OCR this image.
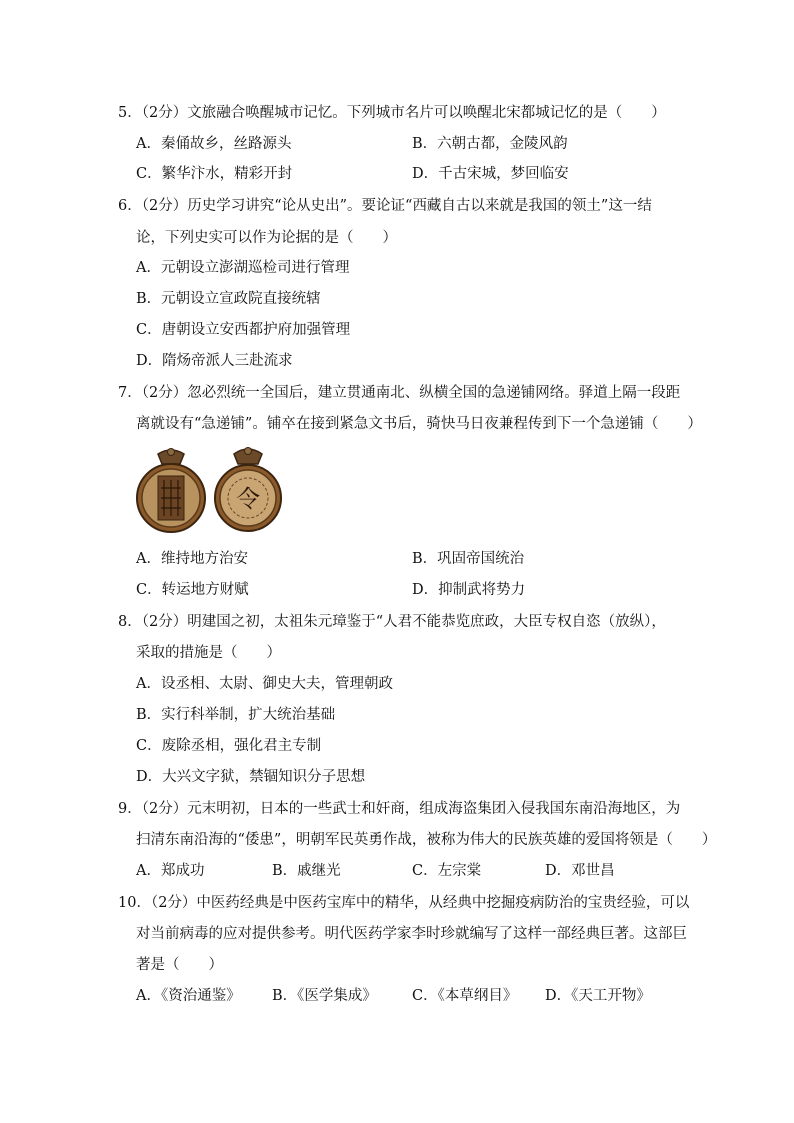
5．（2分）文旅融合唤醒城市记忆。下列城市名片可以唤醒北宋都城记忆的是（　　）
A．秦俑故乡，丝路源头	B．六朝古都，金陵风韵
C．繁华汴水，精彩开封	D．千古宋城，梦回临安
6．（2分）历史学习讲究“论从史出”。要论证“西藏自古以来就是我国的领土”这一结
论，下列史实可以作为论据的是（　　）
A．元朝设立澎湖巡检司进行管理
B．元朝设立宣政院直接统辖
C．唐朝设立安西都护府加强管理
D．隋炀帝派人三赴流求
7．（2分）忽必烈统一全国后，建立贯通南北、纵横全国的急递铺网络。驿道上隔一段距
离就设有“急递铺”。铺卒在接到紧急文书后，骑快马日夜兼程传到下一个急递铺（　　）
令
A．维持地方治安	B．巩固帝国统治
C．转运地方财赋	D．抑制武将势力
8．（2分）明建国之初，太祖朱元璋鉴于“人君不能恭览庶政，大臣专权自恣（放纵），
采取的措施是（　　）
A．设丞相、太尉、御史大夫，管理朝政
B．实行科举制，扩大统治基础
C．废除丞相，强化君主专制
D．大兴文字狱，禁锢知识分子思想
9．（2分）元末明初，日本的一些武士和奸商，组成海盗集团入侵我国东南沿海地区，为
扫清东南沿海的“倭患”，明朝军民英勇作战，被称为伟大的民族英雄的爱国将领是（　　）
A．郑成功	B．戚继光	C．左宗棠	D．邓世昌
10．（2分）中医药经典是中医药宝库中的精华，从经典中挖掘疫病防治的宝贵经验，可以
对当前病毒的应对提供参考。明代医药学家李时珍就编写了这样一部经典巨著。这部巨
著是（　　）
A．《资治通鉴》 B．《医学集成》 C．《本草纲目》 D．《天工开物》
